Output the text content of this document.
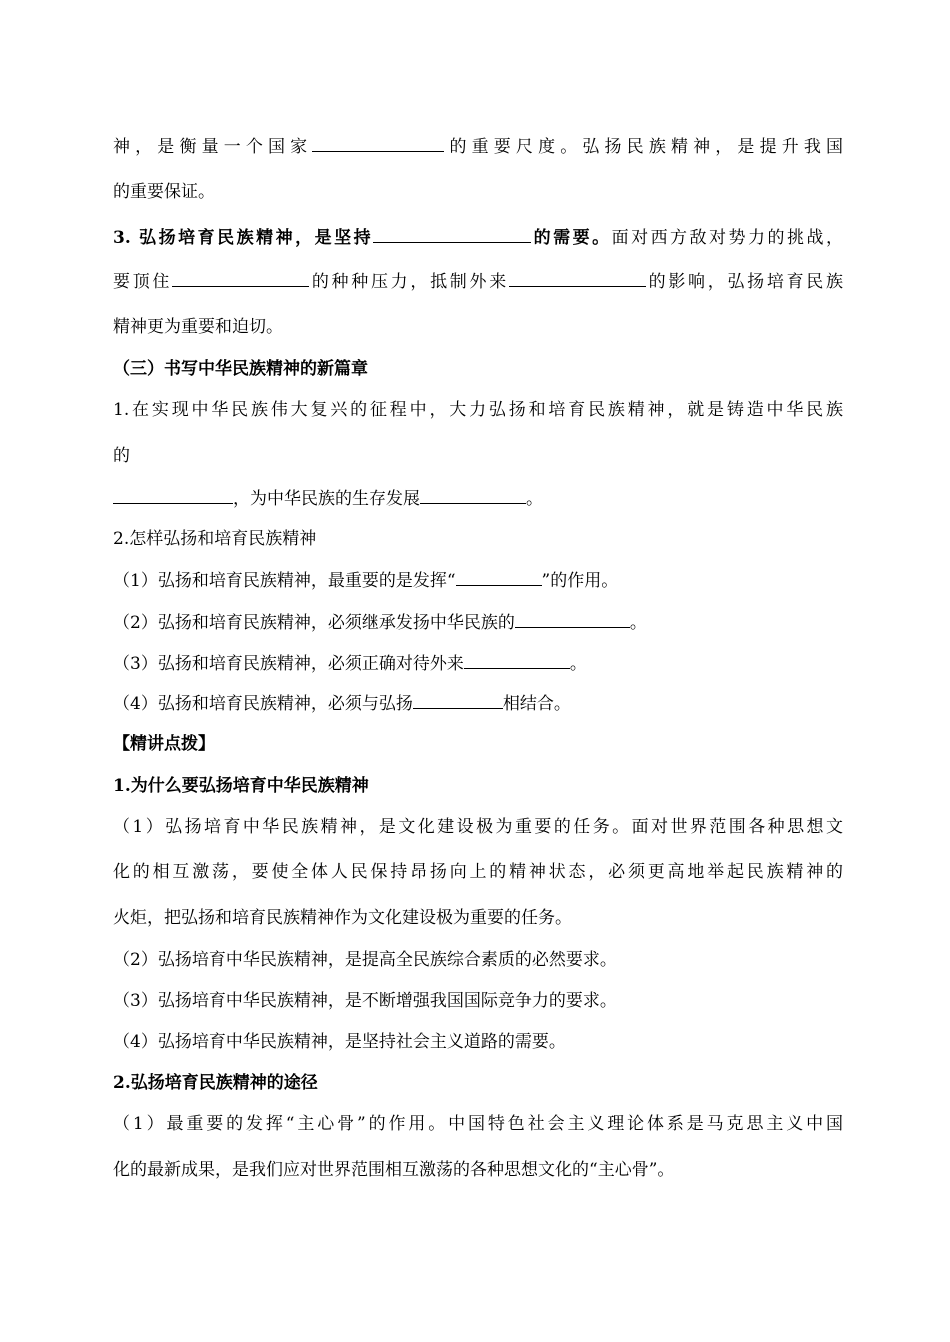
神，是衡量一个国家	的重要尺度。弘扬民族精神，是提升我国
的重要保证。
3. 弘扬培育民族精神，是坚持	的需要。面对西方敌对势力的挑战，
要顶住	的种种压力，抵制外来	的影响，弘扬培育民族
精神更为重要和迫切。
（三）书写中华民族精神的新篇章
1.在实现中华民族伟大复兴的征程中，大力弘扬和培育民族精神，就是铸造中华民族
的
，为中华民族的生存发展	。
2.怎样弘扬和培育民族精神
（1）弘扬和培育民族精神，最重要的是发挥“	”的作用。
（2）弘扬和培育民族精神，必须继承发扬中华民族的	。
（3）弘扬和培育民族精神，必须正确对待外来	。
（4）弘扬和培育民族精神，必须与弘扬	相结合。
【精讲点拨】
1.为什么要弘扬培育中华民族精神
（1）弘扬培育中华民族精神，是文化建设极为重要的任务。面对世界范围各种思想文
化的相互激荡，要使全体人民保持昂扬向上的精神状态，必须更高地举起民族精神的
火炬，把弘扬和培育民族精神作为文化建设极为重要的任务。
（2）弘扬培育中华民族精神，是提高全民族综合素质的必然要求。
（3）弘扬培育中华民族精神，是不断增强我国国际竞争力的要求。
（4）弘扬培育中华民族精神，是坚持社会主义道路的需要。
2.弘扬培育民族精神的途径
（1）最重要的发挥“主心骨”的作用。中国特色社会主义理论体系是马克思主义中国
化的最新成果，是我们应对世界范围相互激荡的各种思想文化的“主心骨”。
